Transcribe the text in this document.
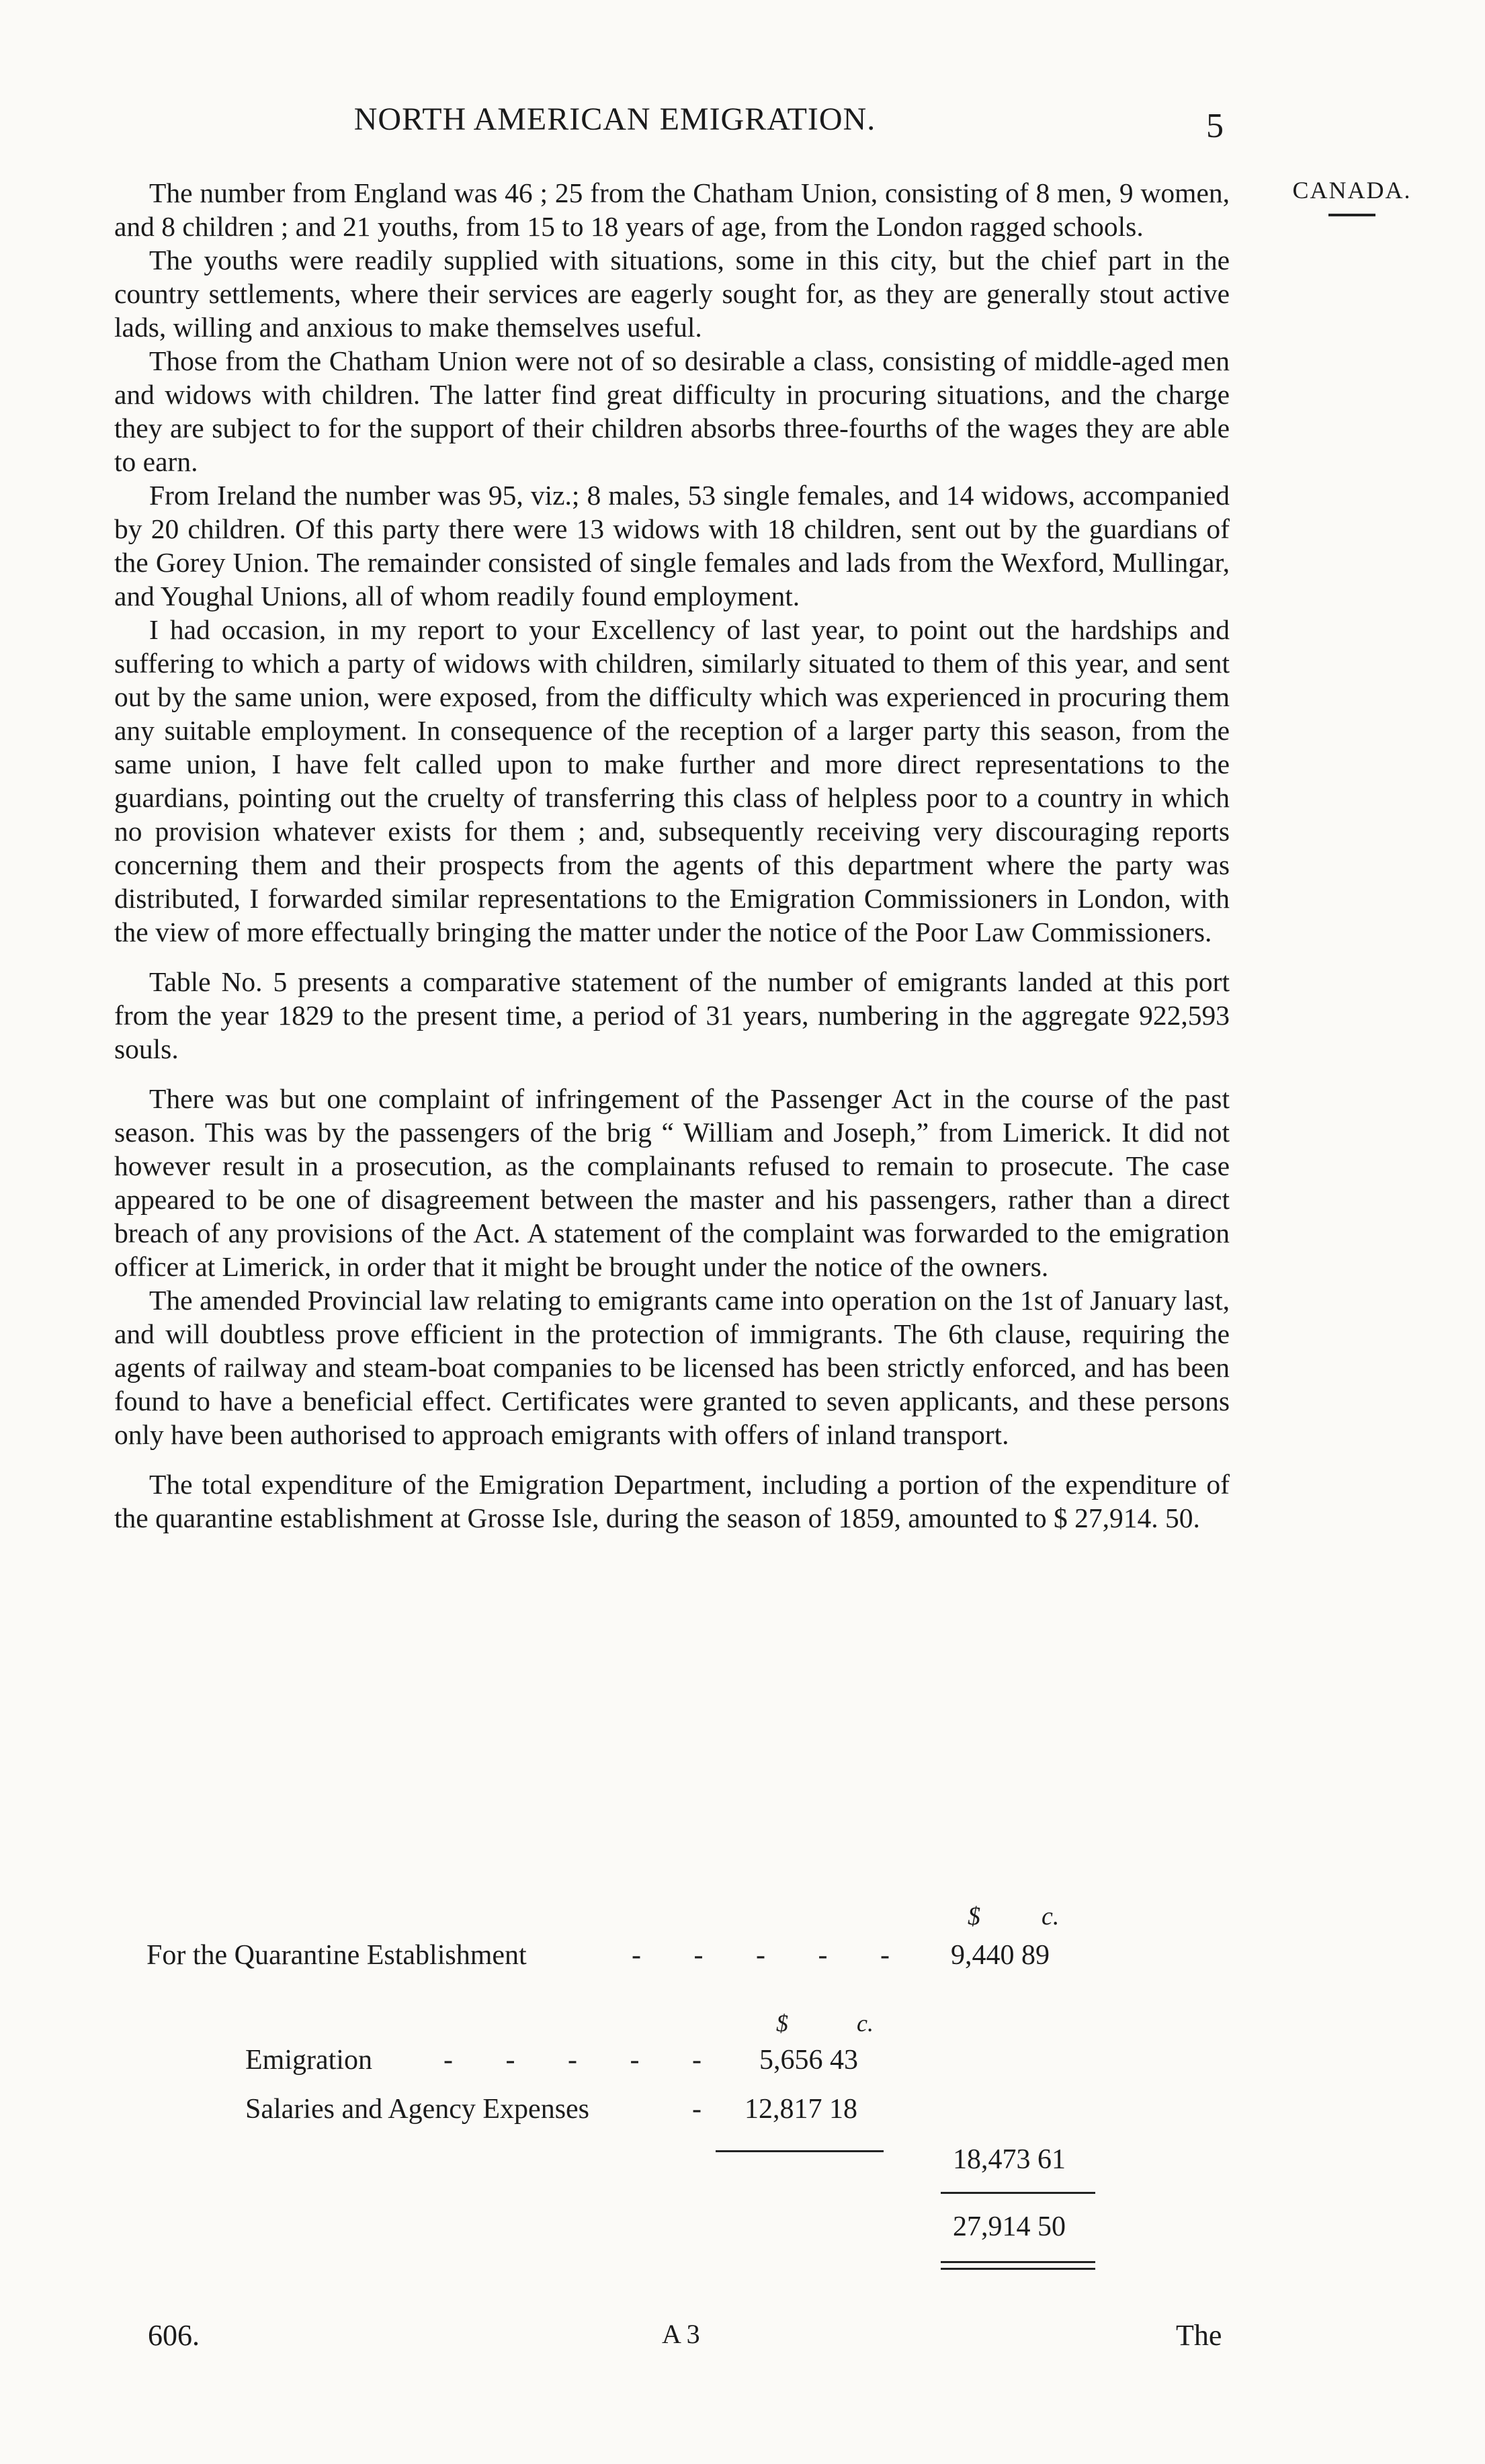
NORTH AMERICAN EMIGRATION.	5
CANADA.

The number from England was 46 ; 25 from the Chatham Union, consisting of 8 men, 9 women, and 8 children ; and 21 youths, from 15 to 18 years of age, from the London ragged schools.

The youths were readily supplied with situations, some in this city, but the chief part in the country settlements, where their services are eagerly sought for, as they are generally stout active lads, willing and anxious to make themselves useful.

Those from the Chatham Union were not of so desirable a class, consisting of middle-aged men and widows with children. The latter find great difficulty in procuring situations, and the charge they are subject to for the support of their children absorbs three-fourths of the wages they are able to earn.

From Ireland the number was 95, viz.; 8 males, 53 single females, and 14 widows, accompanied by 20 children. Of this party there were 13 widows with 18 children, sent out by the guardians of the Gorey Union. The remainder consisted of single females and lads from the Wexford, Mullingar, and Youghal Unions, all of whom readily found employment.

I had occasion, in my report to your Excellency of last year, to point out the hardships and suffering to which a party of widows with children, similarly situated to them of this year, and sent out by the same union, were exposed, from the difficulty which was experienced in procuring them any suitable employment. In consequence of the reception of a larger party this season, from the same union, I have felt called upon to make further and more direct representations to the guardians, pointing out the cruelty of transferring this class of helpless poor to a country in which no provision whatever exists for them ; and, subsequently receiving very discouraging reports concerning them and their prospects from the agents of this department where the party was distributed, I forwarded similar representations to the Emigration Commissioners in London, with the view of more effectually bringing the matter under the notice of the Poor Law Commissioners.

Table No. 5 presents a comparative statement of the number of emigrants landed at this port from the year 1829 to the present time, a period of 31 years, numbering in the aggregate 922,593 souls.

There was but one complaint of infringement of the Passenger Act in the course of the past season. This was by the passengers of the brig “ William and Joseph,” from Limerick. It did not however result in a prosecution, as the complainants refused to remain to prosecute. The case appeared to be one of disagreement between the master and his passengers, rather than a direct breach of any provisions of the Act. A statement of the complaint was forwarded to the emigration officer at Limerick, in order that it might be brought under the notice of the owners.

The amended Provincial law relating to emigrants came into operation on the 1st of January last, and will doubtless prove efficient in the protection of immigrants. The 6th clause, requiring the agents of railway and steam-boat companies to be licensed has been strictly enforced, and has been found to have a beneficial effect. Certificates were granted to seven applicants, and these persons only have been authorised to approach emigrants with offers of inland transport.

The total expenditure of the Emigration Department, including a portion of the expenditure of the quarantine establishment at Grosse Isle, during the season of 1859, amounted to $ 27,914. 50.

$ c.
For the Quarantine Establishment	- - - - - 9,440 89
$	c.
Emigration	- - - - - 5,656 43
Salaries and Agency Expenses	- 12,817 18
18,473 61
27,914 50
606.	A 3	The
